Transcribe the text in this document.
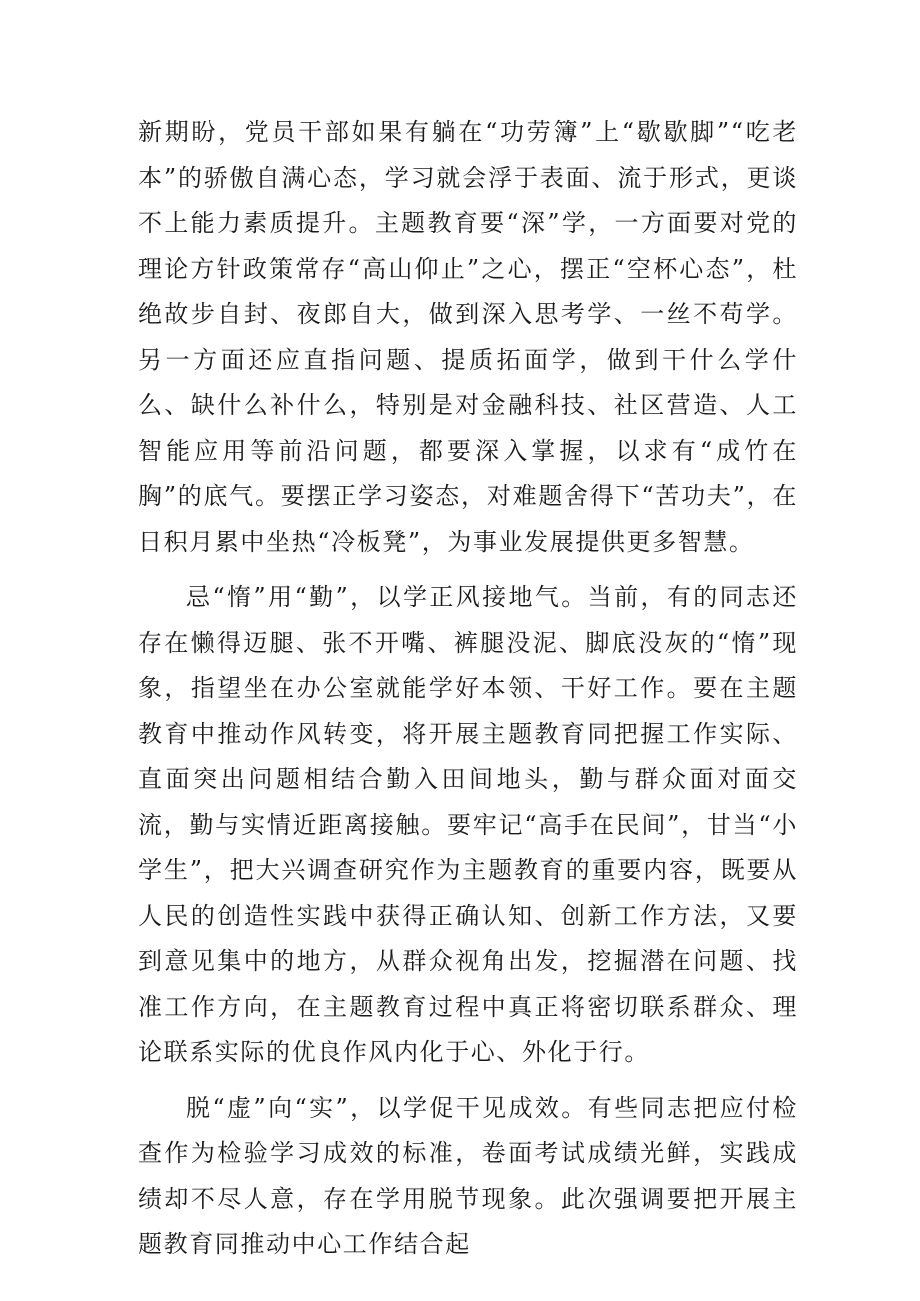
新期盼，党员干部如果有躺在“功劳簿”上“歇歇脚”“吃老本”的骄傲自满心态，学习就会浮于表面、流于形式，更谈不上能力素质提升。主题教育要“深”学，一方面要对党的理论方针政策常存“高山仰止”之心，摆正“空杯心态”，杜绝故步自封、夜郎自大，做到深入思考学、一丝不苟学。另一方面还应直指问题、提质拓面学，做到干什么学什么、缺什么补什么，特别是对金融科技、社区营造、人工智能应用等前沿问题，都要深入掌握，以求有“成竹在胸”的底气。要摆正学习姿态，对难题舍得下“苦功夫”，在日积月累中坐热“冷板凳”，为事业发展提供更多智慧。

忌“惰”用“勤”，以学正风接地气。当前，有的同志还存在懒得迈腿、张不开嘴、裤腿没泥、脚底没灰的“惰”现象，指望坐在办公室就能学好本领、干好工作。要在主题教育中推动作风转变，将开展主题教育同把握工作实际、直面突出问题相结合勤入田间地头，勤与群众面对面交流，勤与实情近距离接触。要牢记“高手在民间”，甘当“小学生”，把大兴调查研究作为主题教育的重要内容，既要从人民的创造性实践中获得正确认知、创新工作方法，又要到意见集中的地方，从群众视角出发，挖掘潜在问题、找准工作方向，在主题教育过程中真正将密切联系群众、理论联系实际的优良作风内化于心、外化于行。

脱“虚”向“实”，以学促干见成效。有些同志把应付检查作为检验学习成效的标准，卷面考试成绩光鲜，实践成绩却不尽人意，存在学用脱节现象。此次强调要把开展主题教育同推动中心工作结合起
